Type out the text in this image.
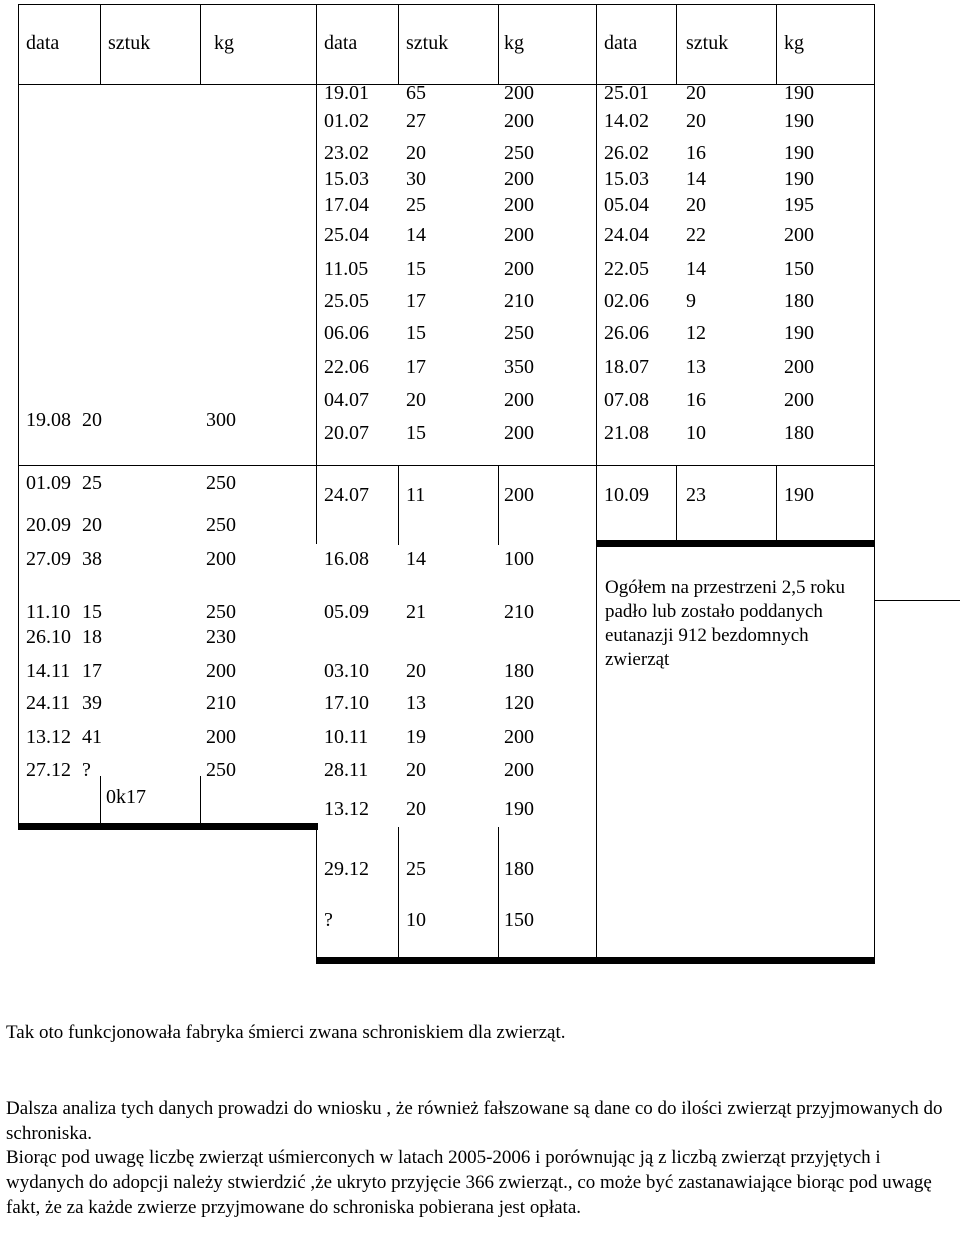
data sztuk	kg	data sztuk	kg	data sztuk	kg
19.08 20	300
01.09 25	250
20.09 20	250
27.09 38	200
11.10 15	250
26.10 18	230
14.11 17	200
24.11 39	210
13.12 41	200
27.12 ?	250
19.01 65	200
01.02 27	200
23.02 20	250
15.03 30	200
17.04 25	200
25.04 14	200
11.05 15	200
25.05 17	210
06.06 15	250
22.06 17	350
04.07 20	200
20.07 15	200
24.07 11	200
16.08 14	100
05.09 21	210
03.10 20	180
17.10 13	120
10.11 19	200
28.11 20	200
13.12 20	190
29.12 25	180
?	10	150
25.01 20	190
14.02 20	190
26.02 16	190
15.03 14	190
05.04 20	195
24.04 22	200
22.05 14	150
02.06 9	180
26.06 12	190
18.07 13	200
07.08 16	200
21.08 10	180
10.09 23	190
0k17
Ogółem na przestrzeni 2,5 roku padło lub zostało poddanych eutanazji 912 bezdomnych zwierząt
Tak oto funkcjonowała fabryka śmierci zwana schroniskiem dla zwierząt.
Dalsza analiza tych danych prowadzi do wniosku , że również fałszowane są dane co do ilości zwierząt przyjmowanych do schroniska.
Biorąc pod uwagę liczbę zwierząt uśmierconych w latach 2005-2006 i porównując ją z liczbą zwierząt przyjętych i wydanych do adopcji należy stwierdzić ,że ukryto przyjęcie 366 zwierząt., co może być zastanawiające biorąc pod uwagę fakt, że za każde zwierze przyjmowane do schroniska pobierana jest opłata.
